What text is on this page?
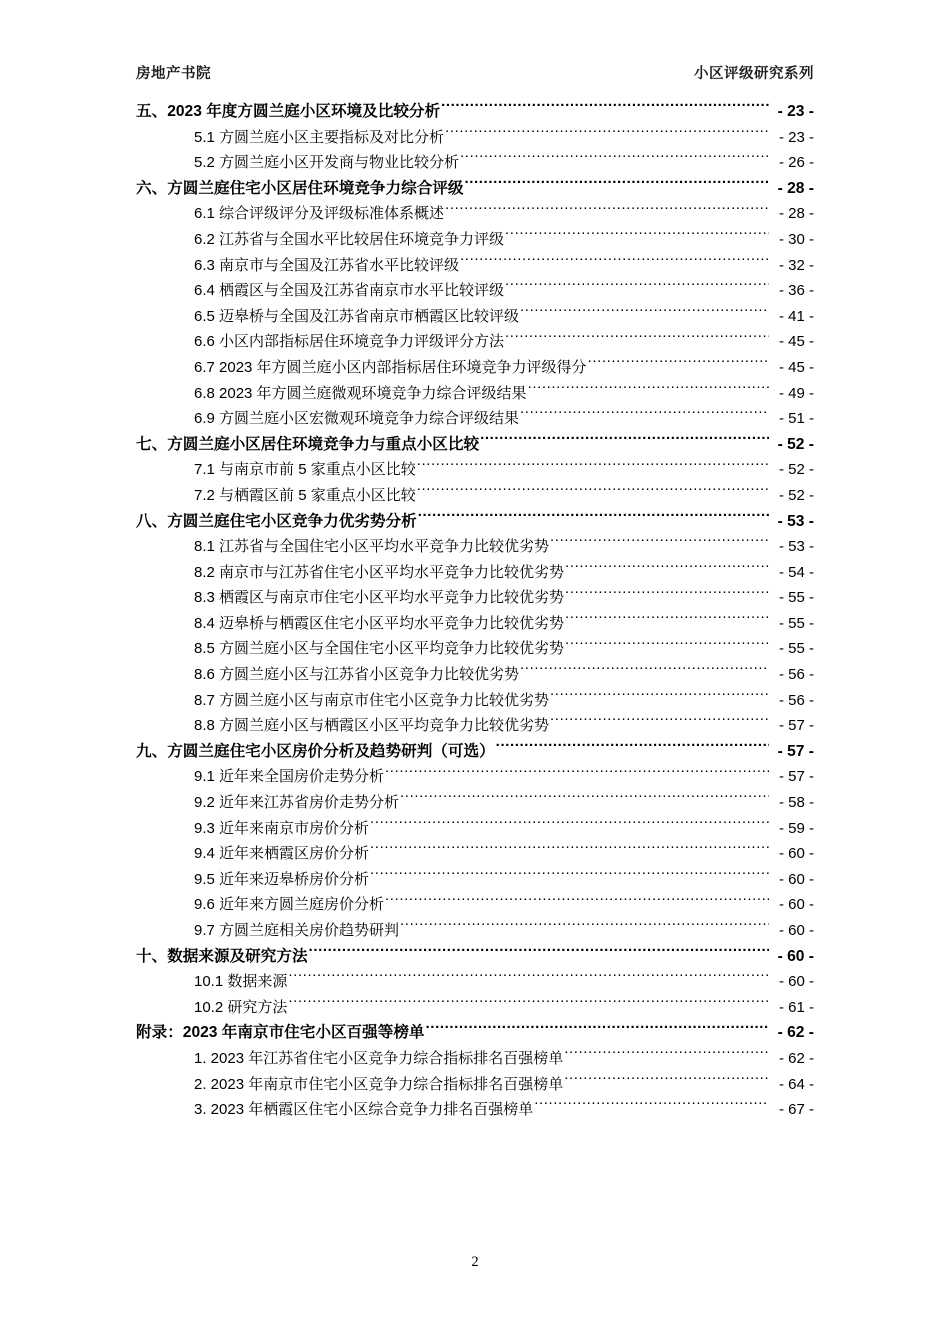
房地产书院	小区评级研究系列
五、2023 年度方圆兰庭小区环境及比较分析 .....	- 23 -
5.1 方圆兰庭小区主要指标及对比分析 .....	- 23 -
5.2 方圆兰庭小区开发商与物业比较分析 .....	- 26 -
六、方圆兰庭住宅小区居住环境竞争力综合评级 .....	- 28 -
6.1 综合评级评分及评级标准体系概述 .....	- 28 -
6.2 江苏省与全国水平比较居住环境竞争力评级 .....	- 30 -
6.3 南京市与全国及江苏省水平比较评级 .....	- 32 -
6.4 栖霞区与全国及江苏省南京市水平比较评级 .....	- 36 -
6.5 迈皋桥与全国及江苏省南京市栖霞区比较评级 .....	- 41 -
6.6 小区内部指标居住环境竞争力评级评分方法 .....	- 45 -
6.7 2023 年方圆兰庭小区内部指标居住环境竞争力评级得分 .....	- 45 -
6.8 2023 年方圆兰庭微观环境竞争力综合评级结果 .....	- 49 -
6.9 方圆兰庭小区宏微观环境竞争力综合评级结果 .....	- 51 -
七、方圆兰庭小区居住环境竞争力与重点小区比较 .....	- 52 -
7.1 与南京市前 5 家重点小区比较 .....	- 52 -
7.2 与栖霞区前 5 家重点小区比较 .....	- 52 -
八、方圆兰庭住宅小区竞争力优劣势分析 .....	- 53 -
8.1 江苏省与全国住宅小区平均水平竞争力比较优劣势 .....	- 53 -
8.2 南京市与江苏省住宅小区平均水平竞争力比较优劣势 .....	- 54 -
8.3 栖霞区与南京市住宅小区平均水平竞争力比较优劣势 .....	- 55 -
8.4 迈皋桥与栖霞区住宅小区平均水平竞争力比较优劣势 .....	- 55 -
8.5 方圆兰庭小区与全国住宅小区平均竞争力比较优劣势 .....	- 55 -
8.6 方圆兰庭小区与江苏省小区竞争力比较优劣势 .....	- 56 -
8.7 方圆兰庭小区与南京市住宅小区竞争力比较优劣势 .....	- 56 -
8.8 方圆兰庭小区与栖霞区小区平均竞争力比较优劣势 .....	- 57 -
九、方圆兰庭住宅小区房价分析及趋势研判（可选） .....	- 57 -
9.1 近年来全国房价走势分析 .....	- 57 -
9.2 近年来江苏省房价走势分析 .....	- 58 -
9.3 近年来南京市房价分析 .....	- 59 -
9.4 近年来栖霞区房价分析 .....	- 60 -
9.5 近年来迈皋桥房价分析 .....	- 60 -
9.6 近年来方圆兰庭房价分析 .....	- 60 -
9.7 方圆兰庭相关房价趋势研判 .....	- 60 -
十、数据来源及研究方法 .....	- 60 -
10.1 数据来源 .....	- 60 -
10.2 研究方法 .....	- 61 -
附录：2023 年南京市住宅小区百强等榜单 .....	- 62 -
1. 2023 年江苏省住宅小区竞争力综合指标排名百强榜单 .....	- 62 -
2. 2023 年南京市住宅小区竞争力综合指标排名百强榜单 .....	- 64 -
3. 2023 年栖霞区住宅小区综合竞争力排名百强榜单 .....	- 67 -
2
